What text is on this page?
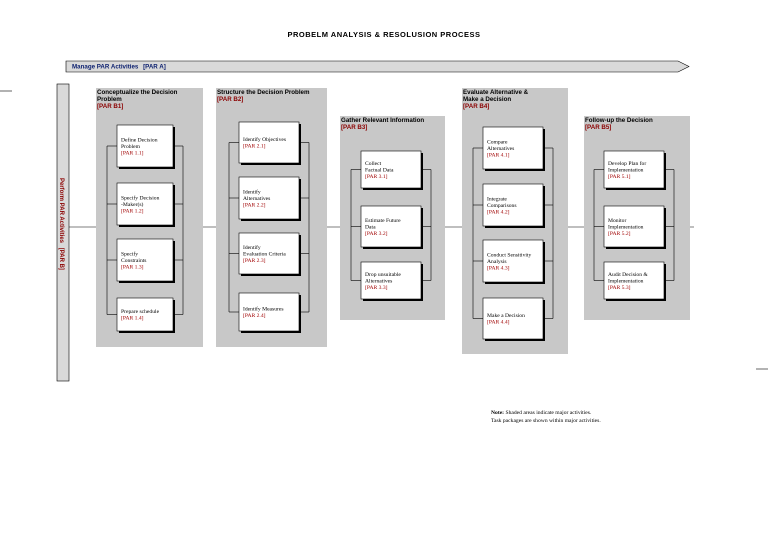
PROBELM ANALYSIS & RESOLUSION PROCESS
Manage PAR Activities [PAR A]
Perform PAR Activities [PAR B]
Conceptualize the Decision
Problem
[PAR B1]
Define Decision
Problem
[PAR 1.1]
Specify Decision
-Maker(s)
[PAR 1.2]
Specify
Constraints
[PAR 1.3]
Prepare schedule
[PAR 1.4]
Structure the Decision Problem
[PAR B2]
Identify Objectives
[PAR 2.1]
Identify
Alternatives
[PAR 2.2]
Identify
Evaluation Criteria
[PAR 2.3]
Identify Measures
[PAR 2.4]
Gather Relevant Information
[PAR B3]
Collect
Factual Data
[PAR 3.1]
Estimate Future
Data
[PAR 3.2]
Drop unsuitable
Alternatives
[PAR 3.3]
Evaluate Alternative &
Make a Decision
[PAR B4]
Compare
Alternatives
[PAR 4.1]
Integrate
Comparisons
[PAR 4.2]
Conduct Sensitivity
Analysis
[PAR 4.3]
Make a Decision
[PAR 4.4]
Follow-up the Decision
[PAR B5]
Develop Plan for
Implementation
[PAR 5.1]
Monitor
Implementation
[PAR 5.2]
Audit Decision &
Implementation
[PAR 5.3]
Note: Shaded areas indicate major activities.
Task packages are shown within major activities.
